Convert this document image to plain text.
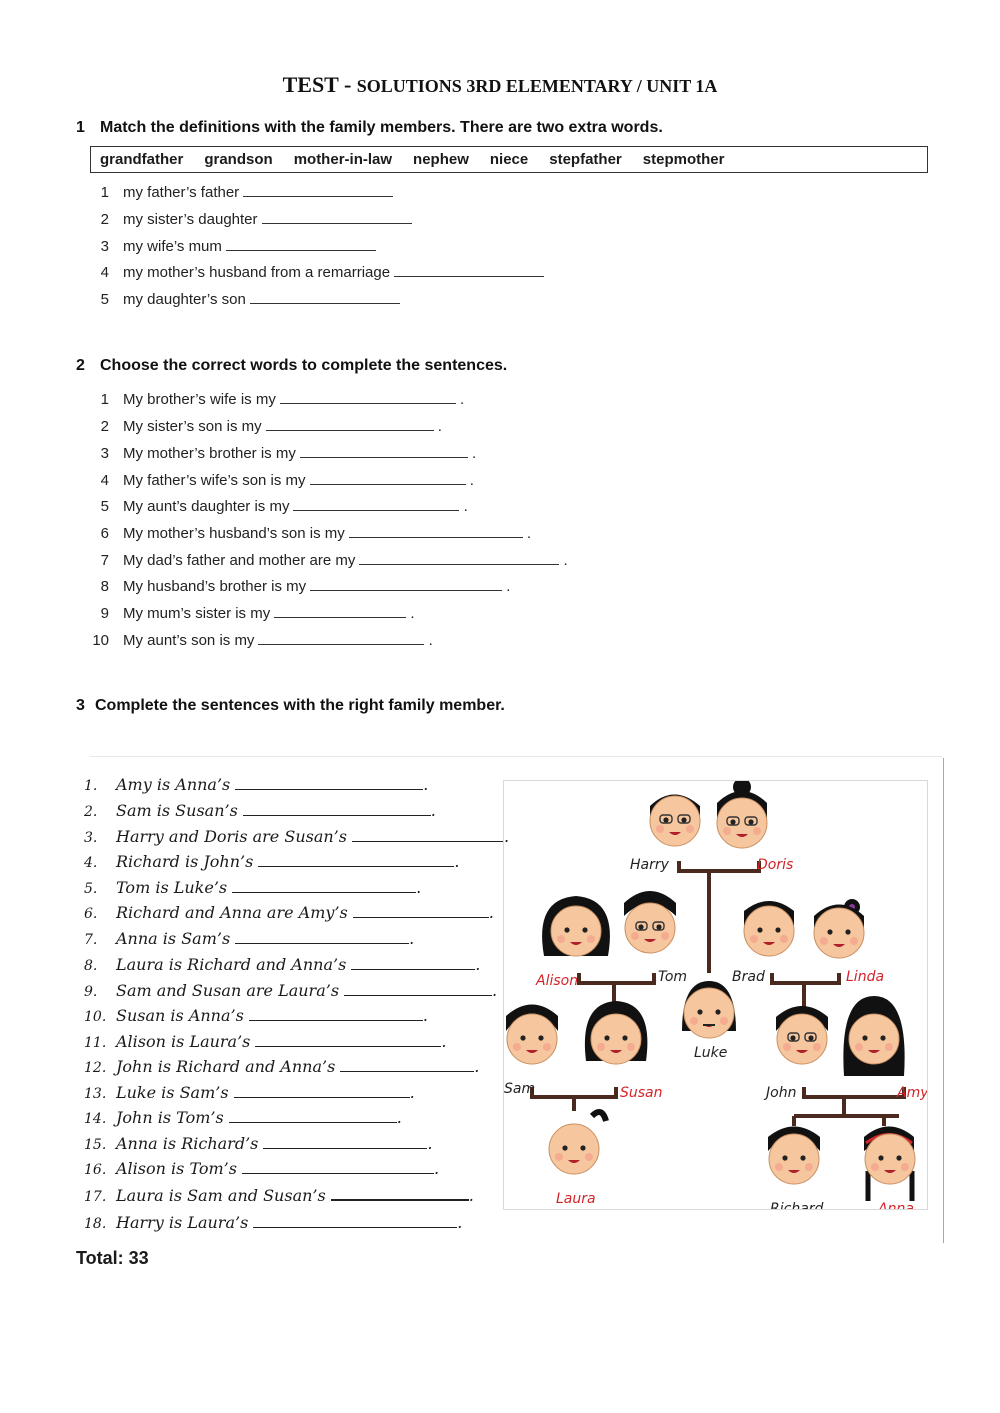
TEST - SOLUTIONS 3RD ELEMENTARY / UNIT 1A
1 Match the definitions with the family members. There are two extra words.
grandfather grandson mother-in-law nephew niece stepfather stepmother
1 my father’s father
2 my sister’s daughter
3 my wife’s mum
4 my mother’s husband from a remarriage
5 my daughter’s son
2 Choose the correct words to complete the sentences.
1 My brother’s wife is my	.
2 My sister’s son is my	.
3 My mother’s brother is my	.
4 My father’s wife’s son is my	.
5 My aunt’s daughter is my	.
6 My mother’s husband’s son is my	.
7 My dad’s father and mother are my	.
8 My husband’s brother is my	.
9 My mum’s sister is my	.
10 My aunt’s son is my	.
3 Complete the sentences with the right family member.
1. Amy is Anna’s	.
2. Sam is Susan’s	.
3. Harry and Doris are Susan’s	.
4. Richard is John’s	.
5. Tom is Luke’s	.
6. Richard and Anna are Amy’s	.
7. Anna is Sam’s	.
8. Laura is Richard and Anna’s	.
9. Sam and Susan are Laura’s	.
10. Susan is Anna’s	.
11. Alison is Laura’s	.
12. John is Richard and Anna’s	.
13. Luke is Sam’s	.
14. John is Tom’s	.
15. Anna is Richard’s	.
16. Alison is Tom’s	.
17. Laura is Sam and Susan’s	.
18. Harry is Laura’s	.
Harry	Doris
Alison	Tom	Brad	Linda
Luke
Sam	Susan	John	Amy
Laura
Richard	Anna
Total: 33
